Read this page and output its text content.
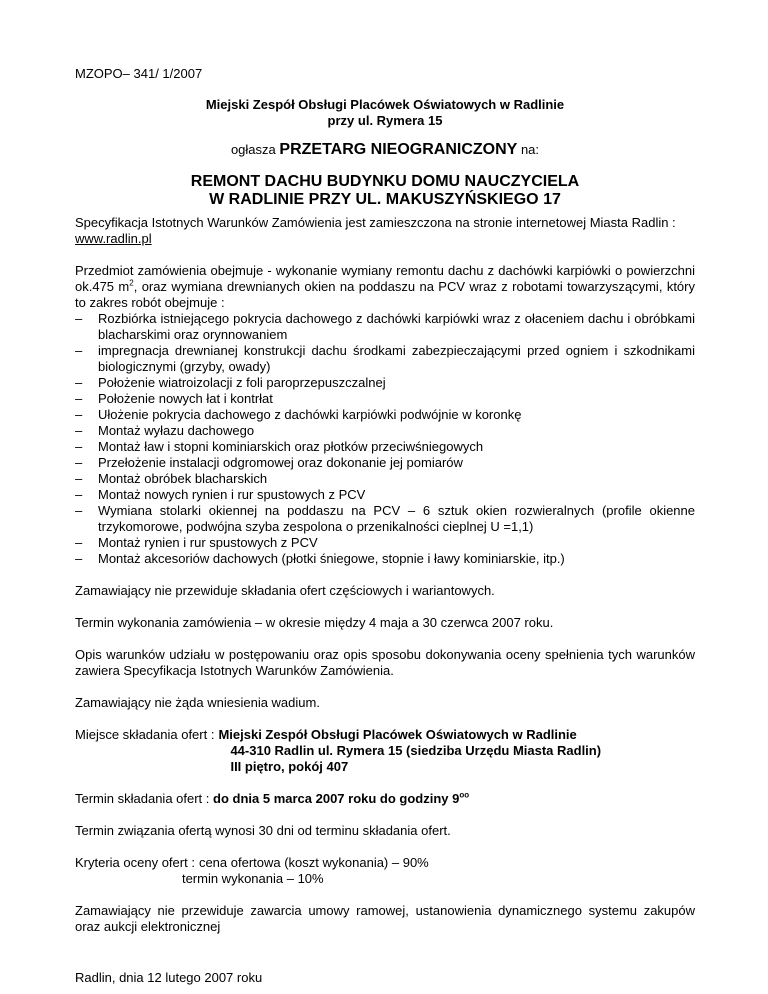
MZOPO– 341/ 1/2007

Miejski Zespół Obsługi Placówek Oświatowych w Radlinie
przy ul. Rymera 15

ogłasza PRZETARG NIEOGRANICZONY na:

REMONT DACHU BUDYNKU DOMU NAUCZYCIELA
W RADLINIE PRZY UL. MAKUSZYŃSKIEGO 17

Specyfikacja Istotnych Warunków Zamówienia jest zamieszczona na stronie internetowej Miasta Radlin :
www.radlin.pl

Przedmiot zamówienia obejmuje - wykonanie wymiany remontu dachu z dachówki karpiówki o powierzchni ok.475 $m^2$, oraz wymiana drewnianych okien na poddaszu na PCV wraz z robotami towarzyszącymi, który to zakres robót obejmuje :

– Rozbiórka istniejącego pokrycia dachowego z dachówki karpiówki wraz z ołaceniem dachu i obróbkami blacharskimi oraz orynnowaniem
– impregnacja drewnianej konstrukcji dachu środkami zabezpieczającymi przed ogniem i szkodnikami biologicznymi (grzyby, owady)
– Położenie wiatroizolacji z foli paroprzepuszczalnej
– Położenie nowych łat i kontrłat
– Ułożenie pokrycia dachowego z dachówki karpiówki podwójnie w koronkę
– Montaż wyłazu dachowego
– Montaż ław i stopni kominiarskich oraz płotków przeciwśniegowych
– Przełożenie instalacji odgromowej oraz dokonanie jej pomiarów
– Montaż obróbek blacharskich
– Montaż nowych rynien i rur spustowych z PCV
– Wymiana stolarki okiennej na poddaszu na PCV – 6 sztuk okien rozwieralnych (profile okienne trzykomorowe, podwójna szyba zespolona o przenikalności cieplnej U =1,1)
– Montaż rynien i rur spustowych z PCV
– Montaż akcesoriów dachowych (płotki śniegowe, stopnie i ławy kominiarskie, itp.)

Zamawiający nie przewiduje składania ofert częściowych i wariantowych.

Termin wykonania zamówienia – w okresie między 4 maja a 30 czerwca 2007 roku.

Opis warunków udziału w postępowaniu oraz opis sposobu dokonywania oceny spełnienia tych warunków zawiera Specyfikacja Istotnych Warunków Zamówienia.

Zamawiający nie żąda wniesienia wadium.

Miejsce składania ofert : Miejski Zespół Obsługi Placówek Oświatowych w Radlinie
44-310 Radlin ul. Rymera 15 (siedziba Urzędu Miasta Radlin)
III piętro, pokój 407

Termin składania ofert : do dnia 5 marca 2007 roku do godziny $9^{oo}$

Termin związania ofertą wynosi 30 dni od terminu składania ofert.

Kryteria oceny ofert : cena ofertowa (koszt wykonania) – 90%
termin wykonania – 10%

Zamawiający nie przewiduje zawarcia umowy ramowej, ustanowienia dynamicznego systemu zakupów oraz aukcji elektronicznej

Radlin, dnia 12 lutego 2007 roku
